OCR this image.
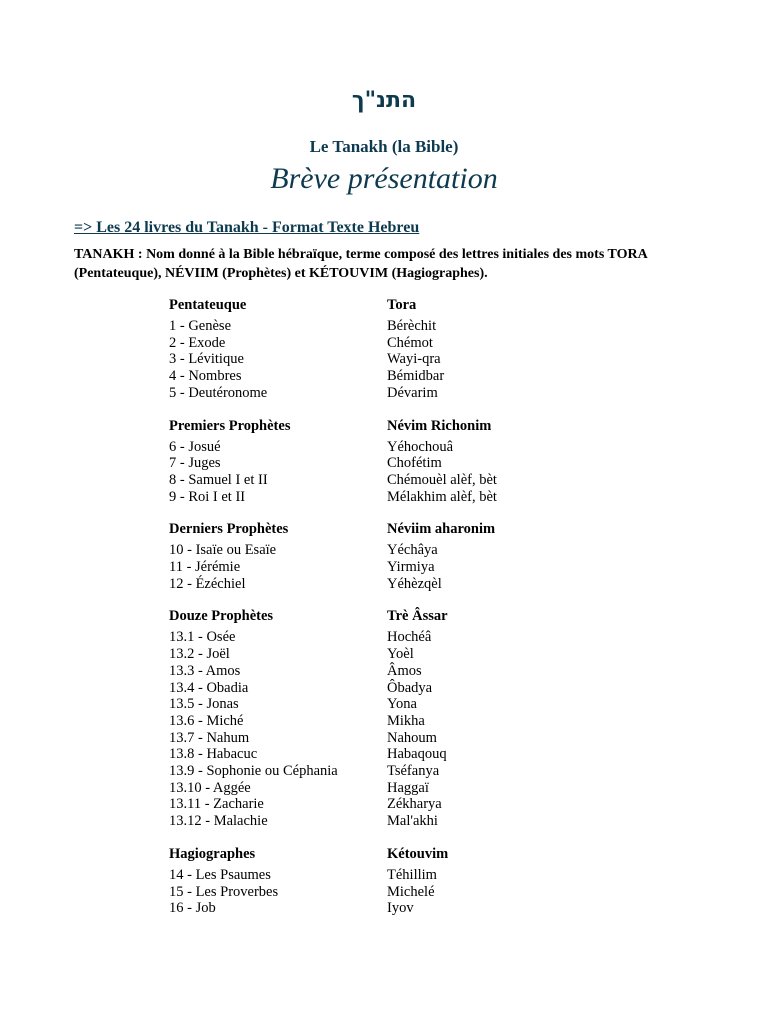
התנ"ך
Le Tanakh (la Bible)
Brève présentation
=> Les 24 livres du Tanakh - Format Texte Hebreu
TANAKH : Nom donné à la Bible hébraïque, terme composé des lettres initiales des mots TORA (Pentateuque), NÉVIIM (Prophètes) et KÉTOUVIM (Hagiographes).
Pentateuque	Tora
1 - Genèse	Bérèchit
2 - Exode	Chémot
3 - Lévitique	Wayi-qra
4 - Nombres	Bémidbar
5 - Deutéronome	Dévarim
Premiers Prophètes	Névim Richonim
6 - Josué	Yéhochouâ
7 - Juges	Chofétim
8 - Samuel I et II	Chémouèl alèf, bèt
9 - Roi I et II	Mélakhim alèf, bèt
Derniers Prophètes	Néviim aharonim
10 - Isaïe ou Esaïe	Yéchâya
11 - Jérémie	Yirmiya
12 - Ézéchiel	Yéhèzqèl
Douze Prophètes	Trè Âssar
13.1 - Osée	Hochéâ
13.2 - Joël	Yoèl
13.3 - Amos	Âmos
13.4 - Obadia	Ôbadya
13.5 - Jonas	Yona
13.6 - Miché	Mikha
13.7 - Nahum	Nahoum
13.8 - Habacuc	Habaqouq
13.9 - Sophonie ou Céphania	Tséfanya
13.10 - Aggée	Haggaï
13.11 - Zacharie	Zékharya
13.12 - Malachie	Mal'akhi
Hagiographes	Kétouvim
14 - Les Psaumes	Téhillim
15 - Les Proverbes	Michelé
16 - Job	Iyov
